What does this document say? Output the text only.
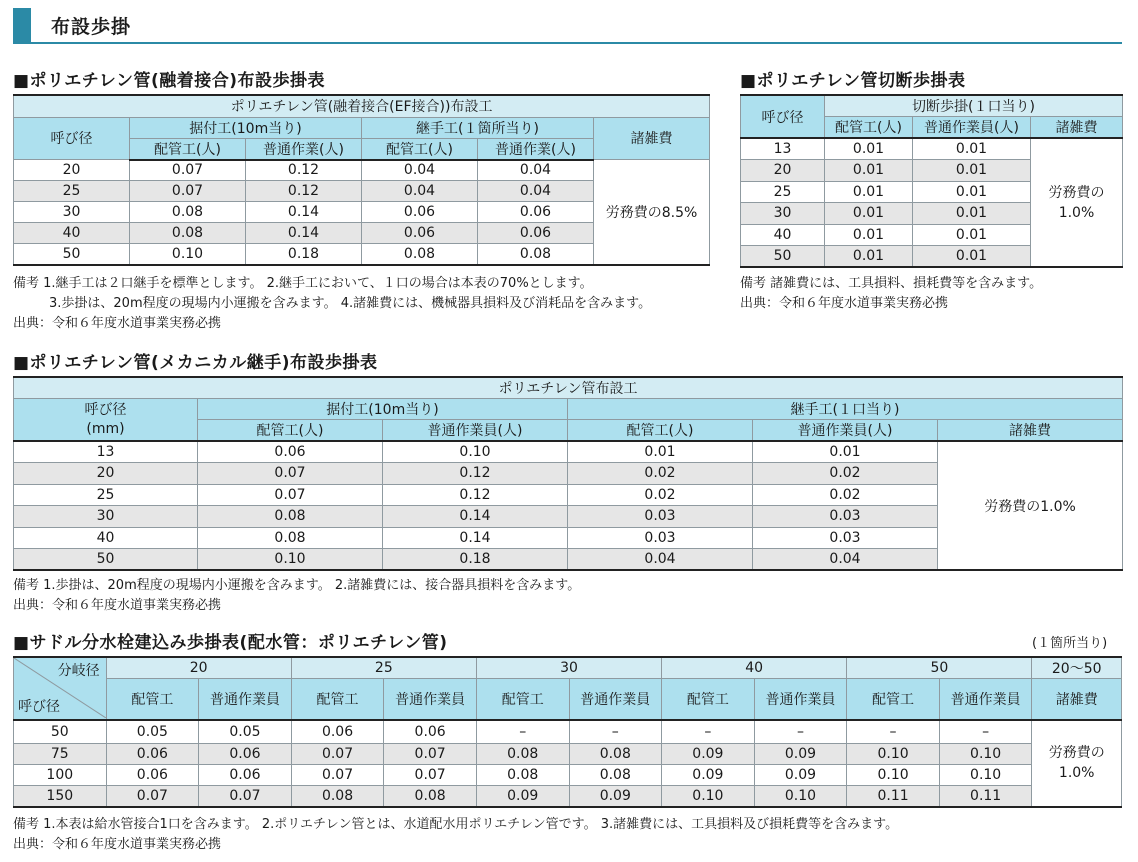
布設歩掛
■ポリエチレン管(融着接合)布設歩掛表
ポリエチレン管(融着接合(EF接合))布設工					
呼び径	据付工(10m当り)		継手工(１箇所当り)		諸雑費
	配管工(人)	普通作業(人)	配管工(人)	普通作業(人)	
20	0.07	0.12	0.04	0.04	労務費の8.5%
25	0.07	0.12	0.04	0.04	
30	0.08	0.14	0.06	0.06	
40	0.08	0.14	0.06	0.06	
50	0.10	0.18	0.08	0.08	
備考 1.継手工は２口継手を標準とします。 2.継手工において、１口の場合は本表の70%とします。
3.歩掛は、20m程度の現場内小運搬を含みます。 4.諸雑費には、機械器具損料及び消耗品を含みます。
出典：令和６年度水道事業実務必携
■ポリエチレン管切断歩掛表
呼び径	切断歩掛(１口当り)		
	配管工(人)	普通作業員(人)	諸雑費
13	0.01	0.01	労務費の
1.0%

20	0.01	0.01	
25	0.01	0.01	
30	0.01	0.01	
40	0.01	0.01	
50	0.01	0.01	
備考 諸雑費には、工具損料、損耗費等を含みます。
出典：令和６年度水道事業実務必携
■ポリエチレン管(メカニカル継手)布設歩掛表
ポリエチレン管布設工					

呼び径
(mm)	据付工(10m当り)		継手工(１口当り)		
	配管工(人)	普通作業員(人)	配管工(人)	普通作業員(人)	諸雑費
13	0.06	0.10	0.01	0.01	労務費の1.0%
20	0.07	0.12	0.02	0.02	
25	0.07	0.12	0.02	0.02	
30	0.08	0.14	0.03	0.03	
40	0.08	0.14	0.03	0.03	
50	0.10	0.18	0.04	0.04	
備考 1.歩掛は、20m程度の現場内小運搬を含みます。 2.諸雑費には、接合器具損料を含みます。
出典：令和６年度水道事業実務必携
■サドル分水栓建込み歩掛表(配水管：ポリエチレン管)	(１箇所当り)
分岐径
呼び径	20		25		30		40		50		20〜50
	配管工	普通作業員	配管工	普通作業員	配管工	普通作業員	配管工	普通作業員	配管工	普通作業員	諸雑費
50	0.05	0.05	0.06	0.06	–	–	–	–	–	–	労務費の
1.0%

75	0.06	0.06	0.07	0.07	0.08	0.08	0.09	0.09	0.10	0.10	
100	0.06	0.06	0.07	0.07	0.08	0.08	0.09	0.09	0.10	0.10	
150	0.07	0.07	0.08	0.08	0.09	0.09	0.10	0.10	0.11	0.11	
備考 1.本表は給水管接合1口を含みます。 2.ポリエチレン管とは、水道配水用ポリエチレン管です。 3.諸雑費には、工具損料及び損耗費等を含みます。
出典：令和６年度水道事業実務必携
